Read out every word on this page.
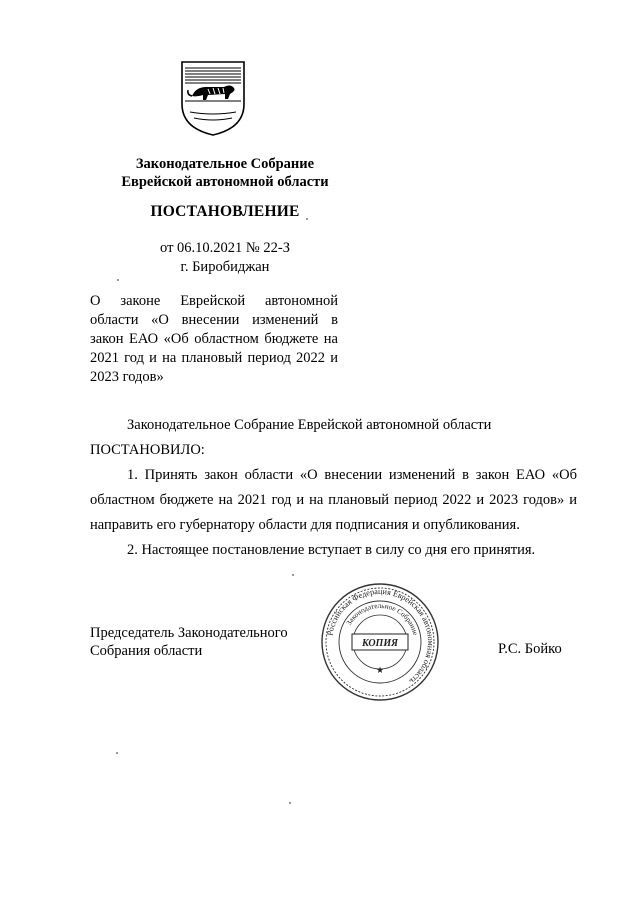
Законодательное Собрание
Еврейской автономной области
ПОСТАНОВЛЕНИЕ
от 06.10.2021 № 22-З
г. Биробиджан
О законе Еврейской автономной области «О внесении изменений в закон ЕАО «Об областном бюджете на 2021 год и на плановый период 2022 и 2023 годов»

Законодательное Собрание Еврейской автономной области

ПОСТАНОВИЛО:

1. Принять закон области «О внесении изменений в закон ЕАО «Об областном бюджете на 2021 год и на плановый период 2022 и 2023 годов» и направить его губернатору области для подписания и опубликования.

2. Настоящее постановление вступает в силу со дня его принятия.

Председатель Законодательного
Собрания области
Российская Федерация Еврейская автономная область
Законодательное Собрание
КОПИЯ
★
Р.С. Бойко
